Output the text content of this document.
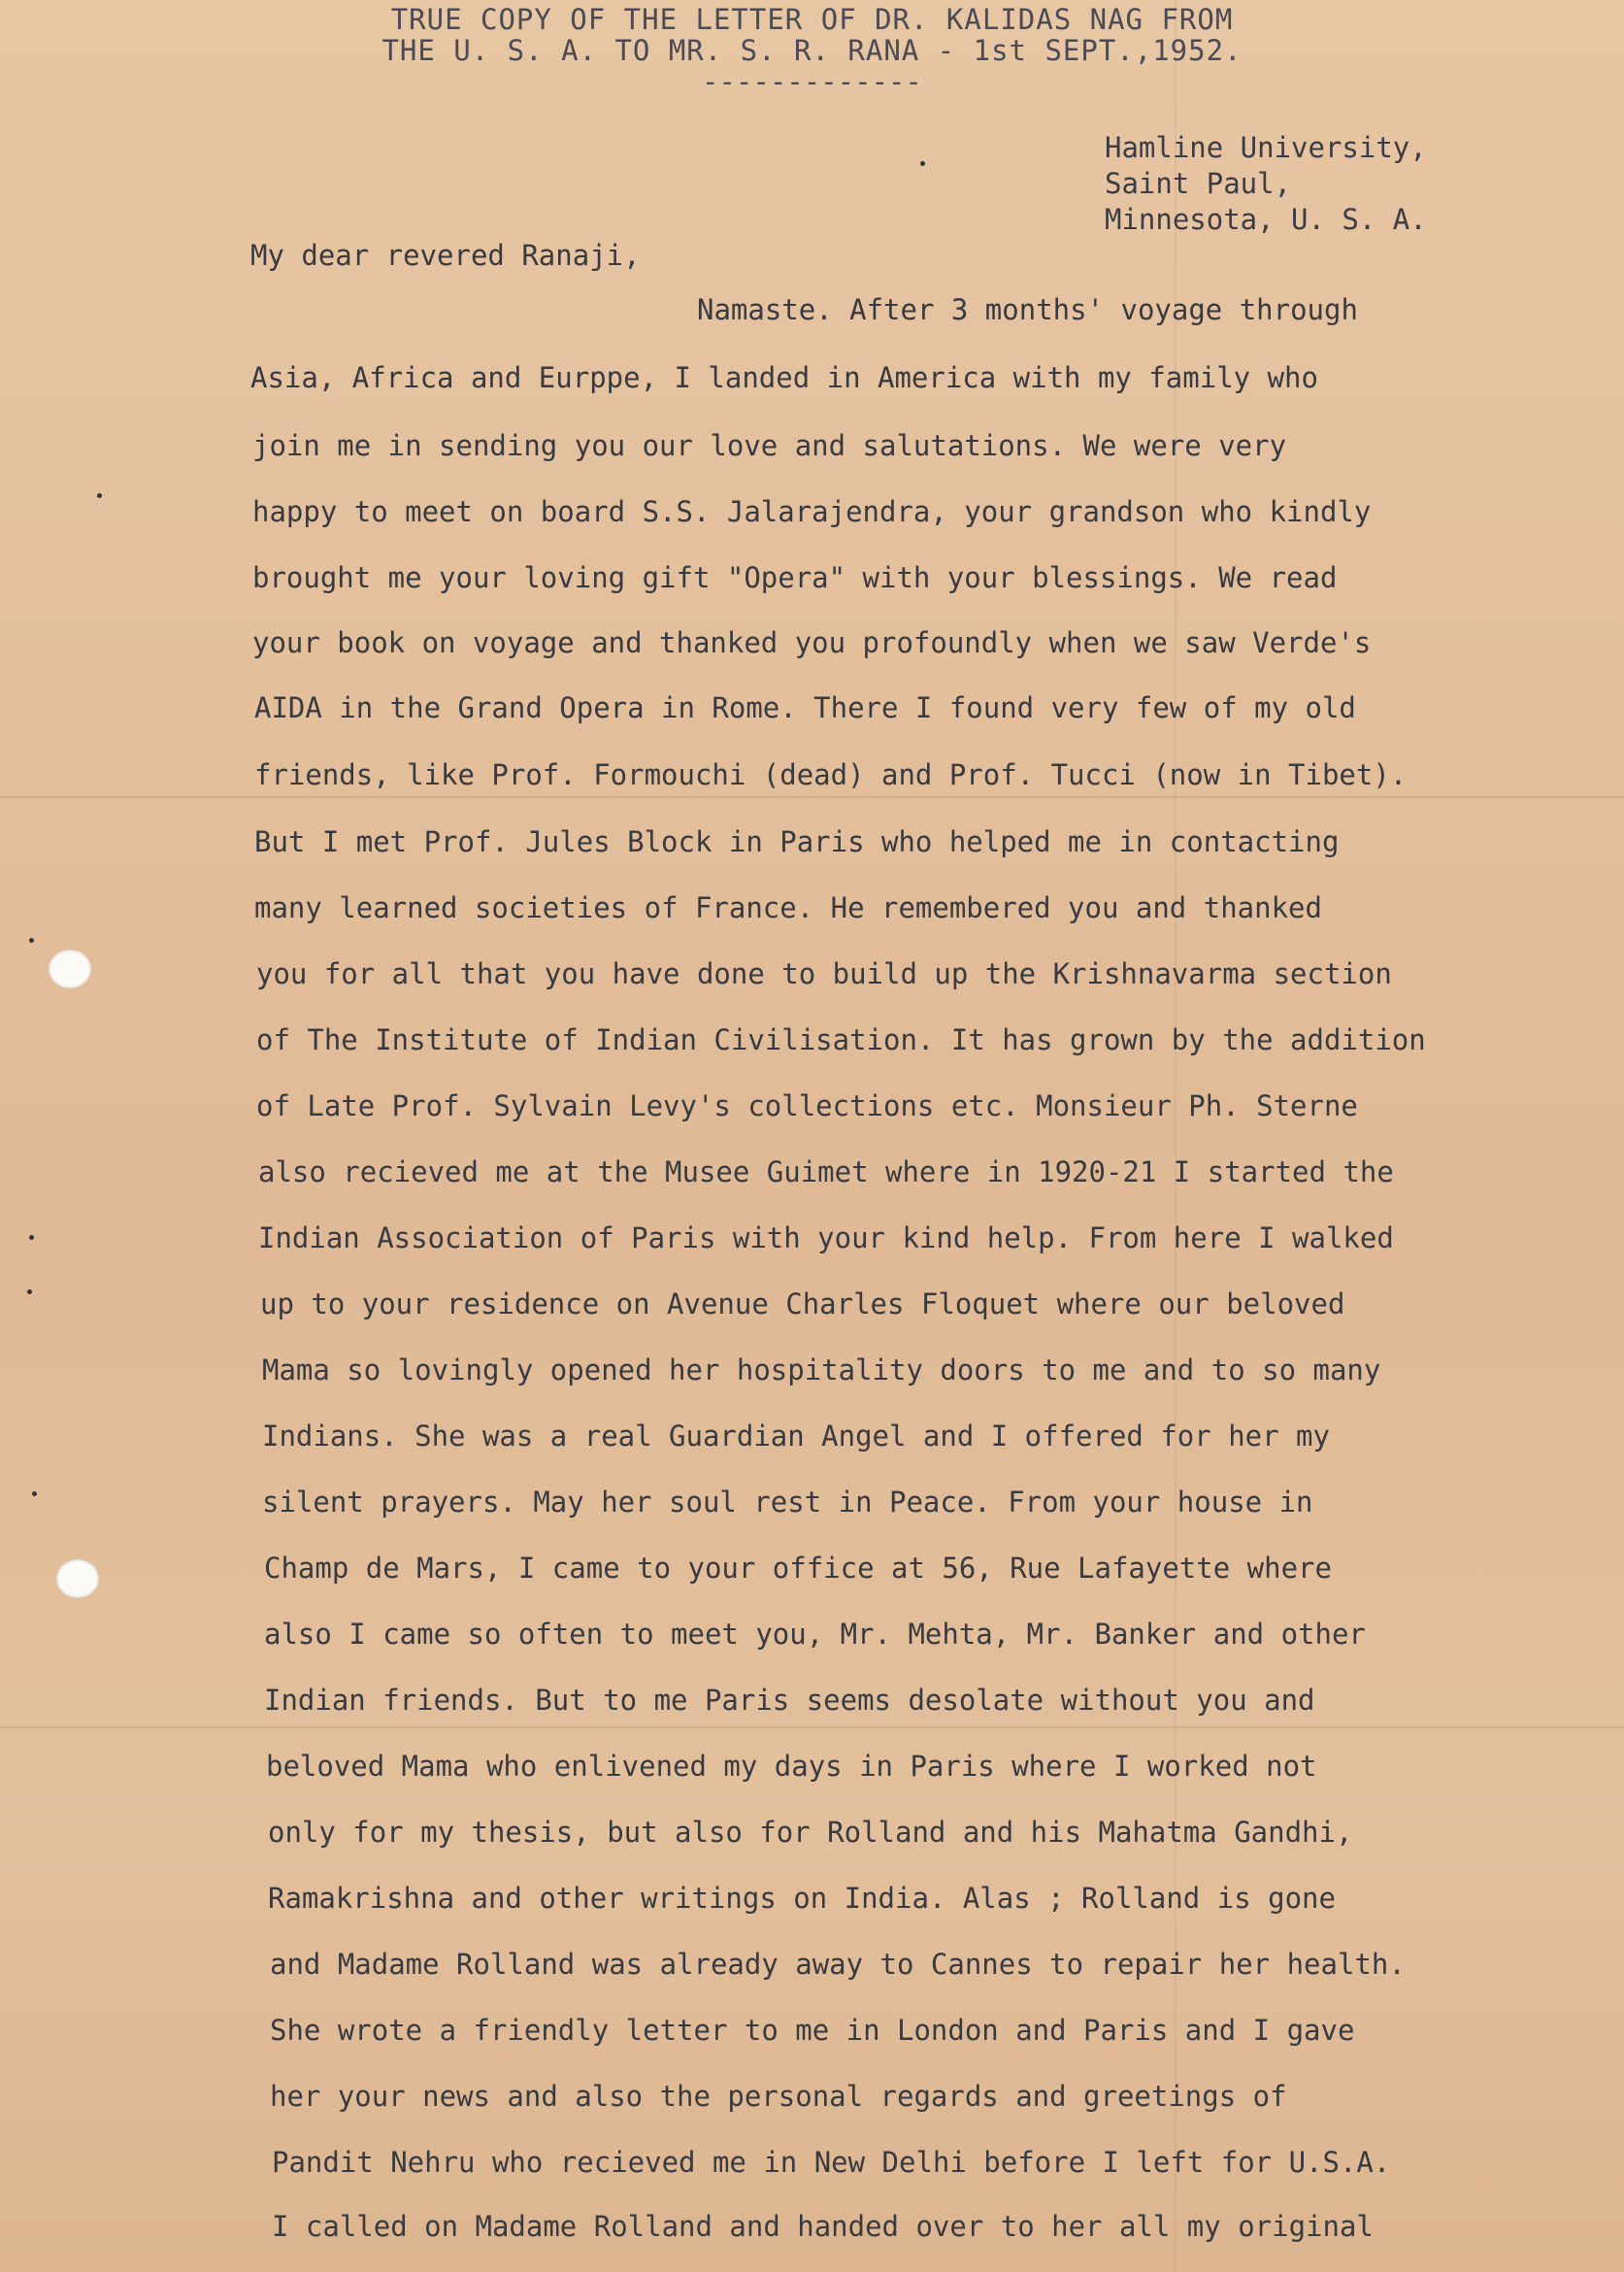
TRUE COPY OF THE LETTER OF DR. KALIDAS NAG FROM
THE U. S. A. TO MR. S. R. RANA - 1st SEPT.,1952.
-------------
Hamline University,
Saint Paul,
Minnesota, U. S. A.
My dear revered Ranaji,
Namaste. After 3 months' voyage through
Asia, Africa and Eurppe, I landed in America with my family who
join me in sending you our love and salutations. We were very
happy to meet on board S.S. Jalarajendra, your grandson who kindly
brought me your loving gift "Opera" with your blessings. We read
your book on voyage and thanked you profoundly when we saw Verde's
AIDA in the Grand Opera in Rome. There I found very few of my old
friends, like Prof. Formouchi (dead) and Prof. Tucci (now in Tibet).
But I met Prof. Jules Block in Paris who helped me in contacting
many learned societies of France. He remembered you and thanked
you for all that you have done to build up the Krishnavarma section
of The Institute of Indian Civilisation. It has grown by the addition
of Late Prof. Sylvain Levy's collections etc. Monsieur Ph. Sterne
also recieved me at the Musee Guimet where in 1920-21 I started the
Indian Association of Paris with your kind help. From here I walked
up to your residence on Avenue Charles Floquet where our beloved
Mama so lovingly opened her hospitality doors to me and to so many
Indians. She was a real Guardian Angel and I offered for her my
silent prayers. May her soul rest in Peace. From your house in
Champ de Mars, I came to your office at 56, Rue Lafayette where
also I came so often to meet you, Mr. Mehta, Mr. Banker and other
Indian friends. But to me Paris seems desolate without you and
beloved Mama who enlivened my days in Paris where I worked not
only for my thesis, but also for Rolland and his Mahatma Gandhi,
Ramakrishna and other writings on India. Alas ; Rolland is gone
and Madame Rolland was already away to Cannes to repair her health.
She wrote a friendly letter to me in London and Paris and I gave
her your news and also the personal regards and greetings of
Pandit Nehru who recieved me in New Delhi before I left for U.S.A.
I called on Madame Rolland and handed over to her all my original
